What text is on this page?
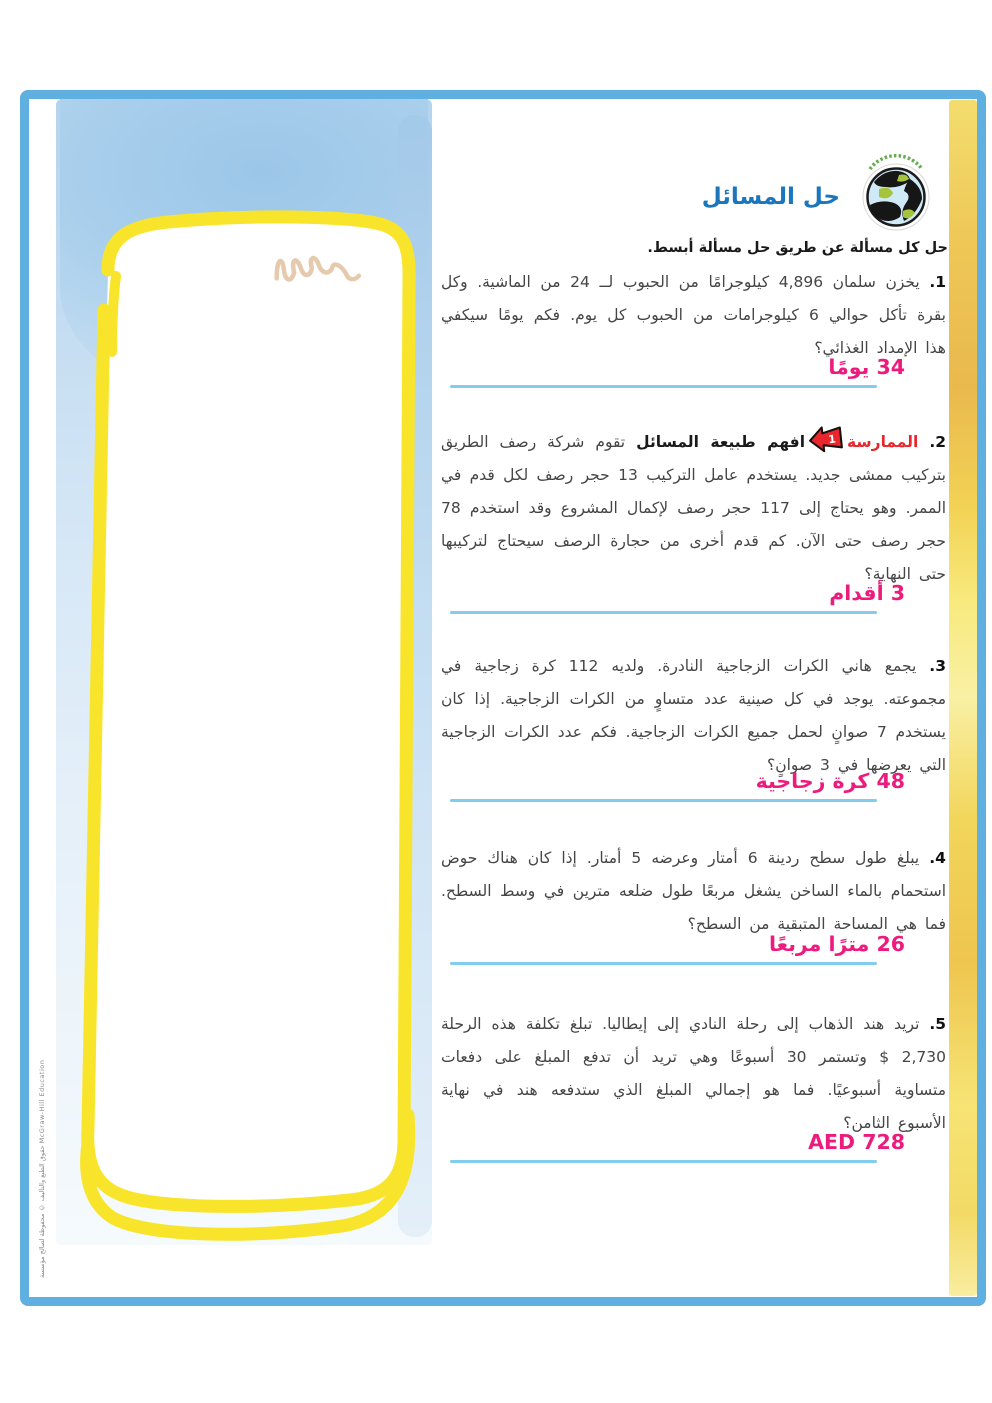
حقوق الطبع والتأليف © محفوظة لصالح مؤسسة McGraw-Hill Education
حل المسائل
حل كل مسألة عن طريق حل مسألة أبسط.

1. يخزن سلمان 4,896 كيلوجرامًا من الحبوب لــ 24 من الماشية. وكل بقرة تأكل حوالي 6 كيلوجرامات من الحبوب كل يوم. فكم يومًا سيكفي هذا الإمداد الغذائي؟

34 يومًا

2. الممارسة
1
افهم طبيعة المسائل تقوم شركة رصف الطريق بتركيب ممشى جديد. يستخدم عامل التركيب 13 حجر رصف لكل قدم في الممر. وهو يحتاج إلى 117 حجر رصف لإكمال المشروع وقد استخدم 78 حجر رصف حتى الآن. كم قدم أخرى من حجارة الرصف سيحتاج لتركيبها حتى النهاية؟

3 أقدام

3. يجمع هاني الكرات الزجاجية النادرة. ولديه 112 كرة زجاجية في مجموعته. يوجد في كل صينية عدد متساوٍ من الكرات الزجاجية. إذا كان يستخدم 7 صوانٍ لحمل جميع الكرات الزجاجية. فكم عدد الكرات الزجاجية التي يعرضها في 3 صوانٍ؟

48 كرة زجاجية

4. يبلغ طول سطح ردينة 6 أمتار وعرضه 5 أمتار. إذا كان هناك حوض استحمام بالماء الساخن يشغل مربعًا طول ضلعه مترين في وسط السطح. فما هي المساحة المتبقية من السطح؟

26 مترًا مربعًا

5. تريد هند الذهاب إلى رحلة النادي إلى إيطاليا. تبلغ تكلفة هذه الرحلة 2,730 $ وتستمر 30 أسبوعًا وهي تريد أن تدفع المبلغ على دفعات متساوية أسبوعيًا. فما هو إجمالي المبلغ الذي ستدفعه هند في نهاية الأسبوع الثامن؟

AED 728
